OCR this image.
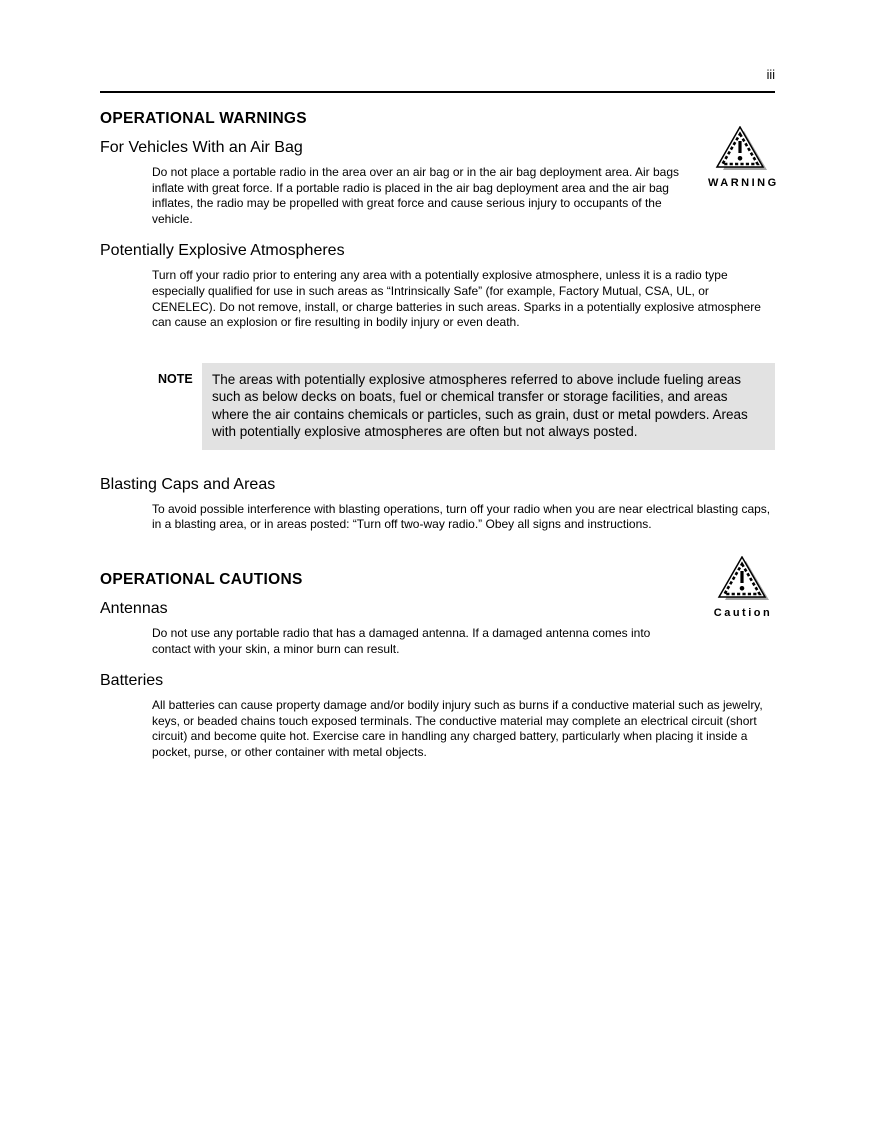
iii
OPERATIONAL WARNINGS
For Vehicles With an Air Bag

Do not place a portable radio in the area over an air bag or in the air bag deployment area. Air bags inflate with great force. If a portable radio is placed in the air bag deployment area and the air bag inflates, the radio may be propelled with great force and cause serious injury to occupants of the vehicle.

Potentially Explosive Atmospheres

Turn off your radio prior to entering any area with a potentially explosive atmosphere, unless it is a radio type especially qualified for use in such areas as “Intrinsically Safe” (for example, Factory Mutual, CSA, UL, or CENELEC). Do not remove, install, or charge batteries in such areas. Sparks in a potentially explosive atmosphere can cause an explosion or fire resulting in bodily injury or even death.

NOTE	The areas with potentially explosive atmospheres referred to above include fueling areas such as below decks on boats, fuel or chemical transfer or storage facilities, and areas where the air contains chemicals or particles, such as grain, dust or metal powders. Areas with potentially explosive atmospheres are often but not always posted.
Blasting Caps and Areas

To avoid possible interference with blasting operations, turn off your radio when you are near electrical blasting caps, in a blasting area, or in areas posted: “Turn off two-way radio.” Obey all signs and instructions.

OPERATIONAL CAUTIONS
Antennas

Do not use any portable radio that has a damaged antenna. If a damaged antenna comes into contact with your skin, a minor burn can result.

Batteries

All batteries can cause property damage and/or bodily injury such as burns if a conductive material such as jewelry, keys, or beaded chains touch exposed terminals. The conductive material may complete an electrical circuit (short circuit) and become quite hot. Exercise care in handling any charged battery, particularly when placing it inside a pocket, purse, or other container with metal objects.

WARNING
Caution
